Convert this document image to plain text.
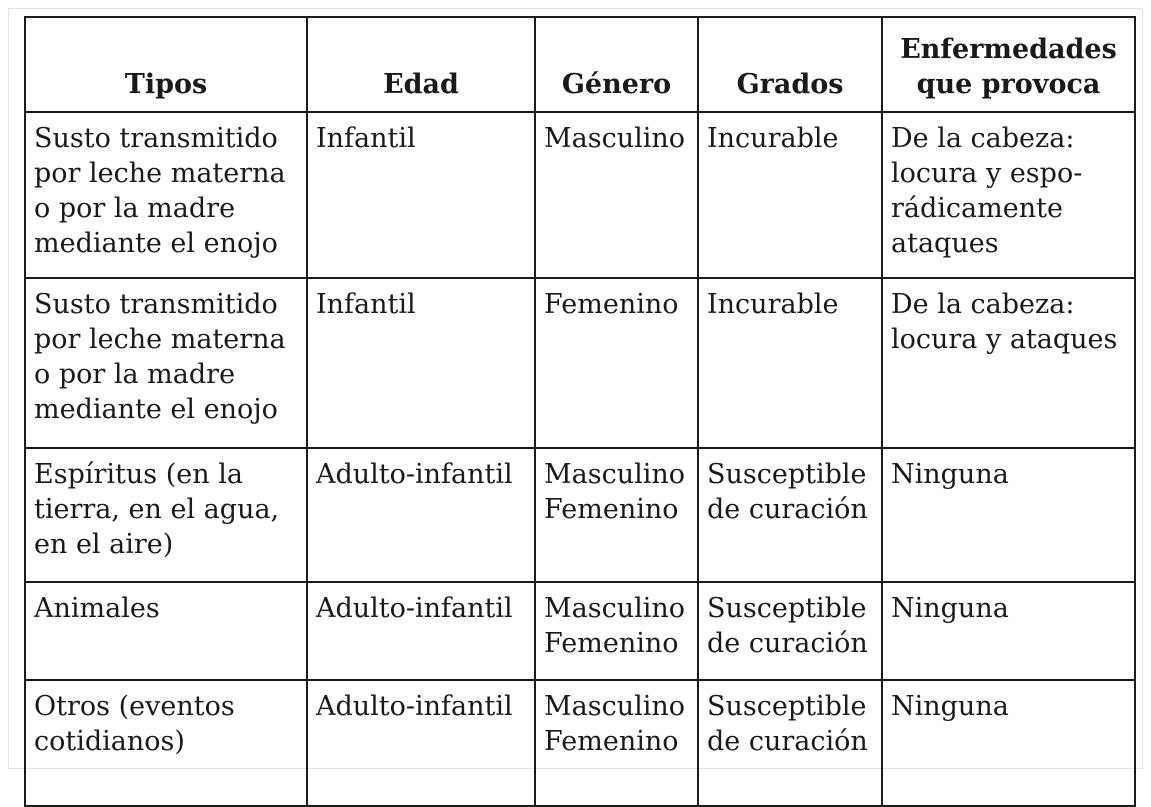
Tipos	Edad	Género	Grados	Enfermedades
que provoca

Susto transmitido
por leche materna
o por la madre
mediante el enojo	Infantil	Masculino	Incurable	De la cabeza:
locura y espo-
rádicamente
ataques

Susto transmitido
por leche materna
o por la madre
mediante el enojo	Infantil	Femenino	Incurable	De la cabeza:
locura y ataques

Espíritus (en la
tierra, en el agua,
en el aire)	Adulto-infantil	Masculino
Femenino	Susceptible
de curación	Ninguna

Animales	Adulto-infantil	Masculino
Femenino	Susceptible
de curación	Ninguna

Otros (eventos
cotidianos)	Adulto-infantil	Masculino
Femenino	Susceptible
de curación	Ninguna
